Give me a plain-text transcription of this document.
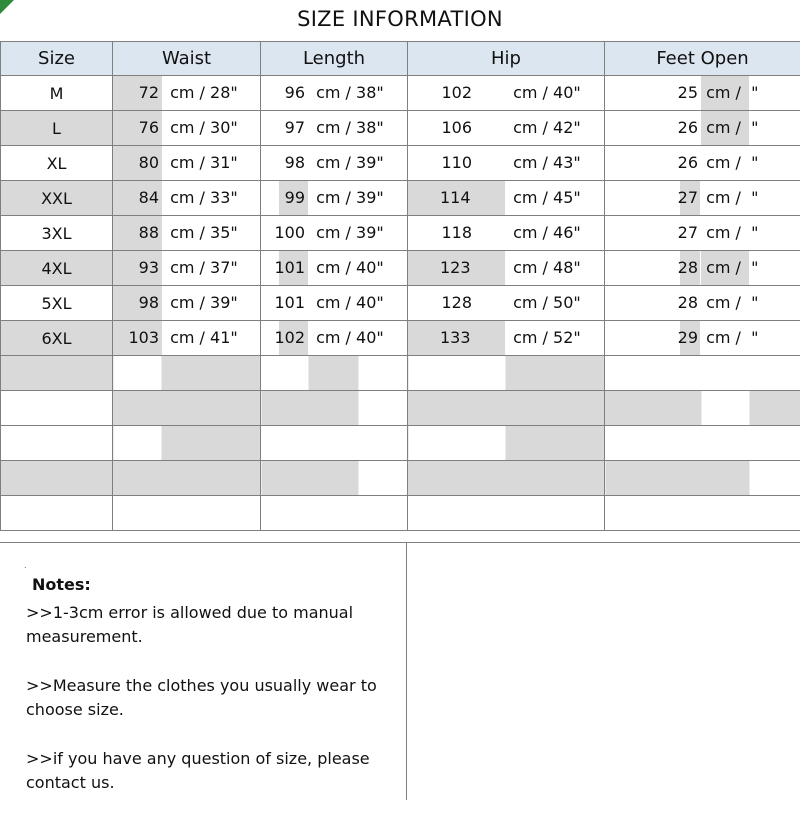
SIZE INFORMATION
Size	Waist	Length	Hip	Feet Open
M	72 cm / 28"	96 cm / 38"	102 cm / 40"	25 cm /  "

L	76 cm / 30"	97 cm / 38"	106 cm / 42"	26 cm /  "

XL	80 cm / 31"	98 cm / 39"	110 cm / 43"	26 cm /  "

XXL	84 cm / 33"	99 cm / 39"	114 cm / 45"	27 cm /  "

3XL	88 cm / 35"	100 cm / 39"	118 cm / 46"	27 cm /  "

4XL	93 cm / 37"	101 cm / 40"	123 cm / 48"	28 cm /  "

5XL	98 cm / 39"	101 cm / 40"	128 cm / 50"	28 cm /  "

6XL	103 cm / 41"	102 cm / 40"	133 cm / 52"	29 cm /  "

.
Notes:

>>1-3cm error is allowed due to manual measurement.

>>Measure the clothes you usually wear to choose size.

>>if you have any question of size, please contact us.
